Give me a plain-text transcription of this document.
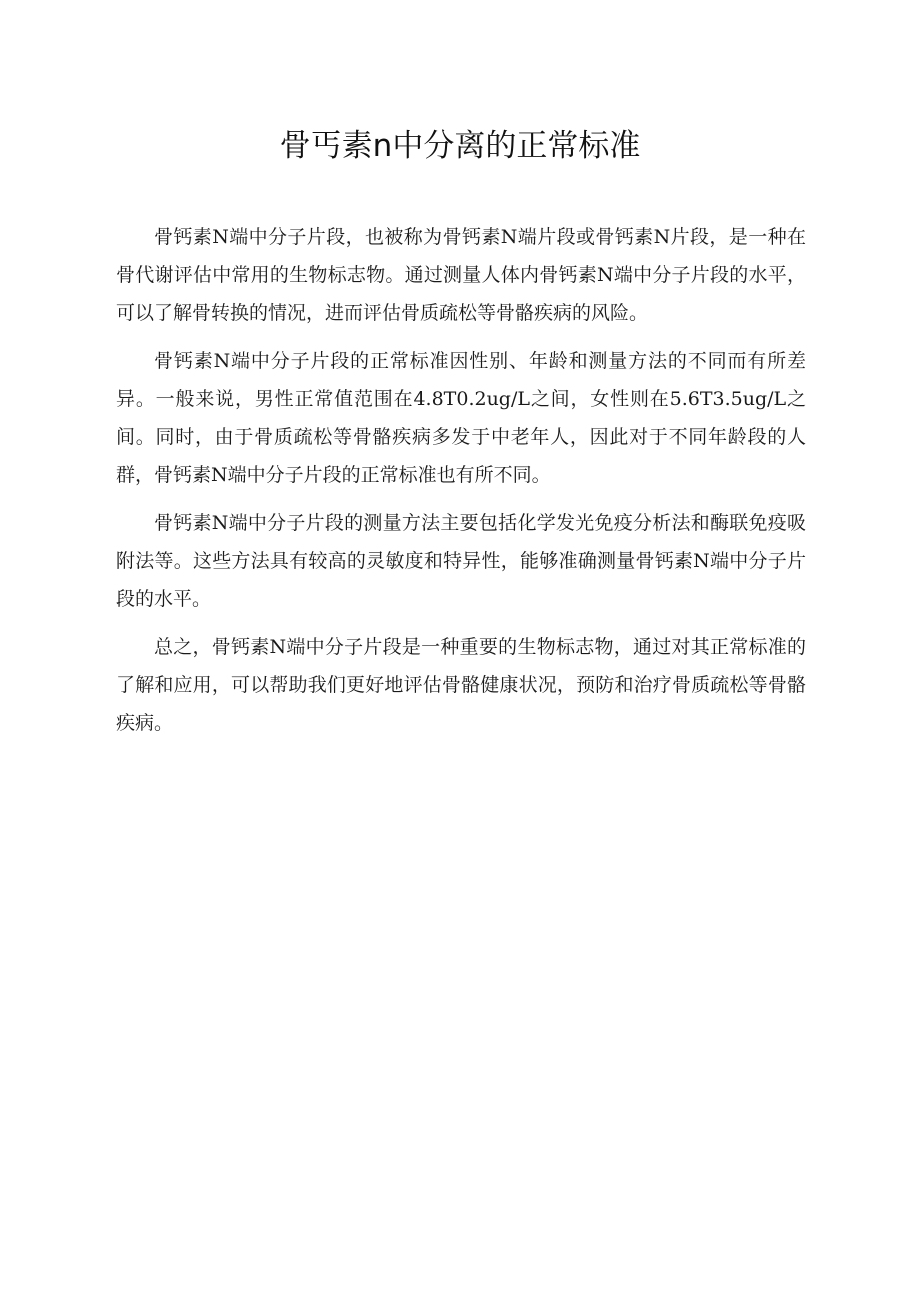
骨丐素n中分离的正常标准

骨钙素N端中分子片段，也被称为骨钙素N端片段或骨钙素N片段，是一种在骨代谢评估中常用的生物标志物。通过测量人体内骨钙素N端中分子片段的水平，可以了解骨转换的情况，进而评估骨质疏松等骨骼疾病的风险。

骨钙素N端中分子片段的正常标准因性别、年龄和测量方法的不同而有所差异。一般来说，男性正常值范围在4.8T0.2ug/L之间，女性则在5.6T3.5ug/L之间。同时，由于骨质疏松等骨骼疾病多发于中老年人，因此对于不同年龄段的人群，骨钙素N端中分子片段的正常标准也有所不同。

骨钙素N端中分子片段的测量方法主要包括化学发光免疫分析法和酶联免疫吸附法等。这些方法具有较高的灵敏度和特异性，能够准确测量骨钙素N端中分子片段的水平。

总之，骨钙素N端中分子片段是一种重要的生物标志物，通过对其正常标准的了解和应用，可以帮助我们更好地评估骨骼健康状况，预防和治疗骨质疏松等骨骼疾病。
